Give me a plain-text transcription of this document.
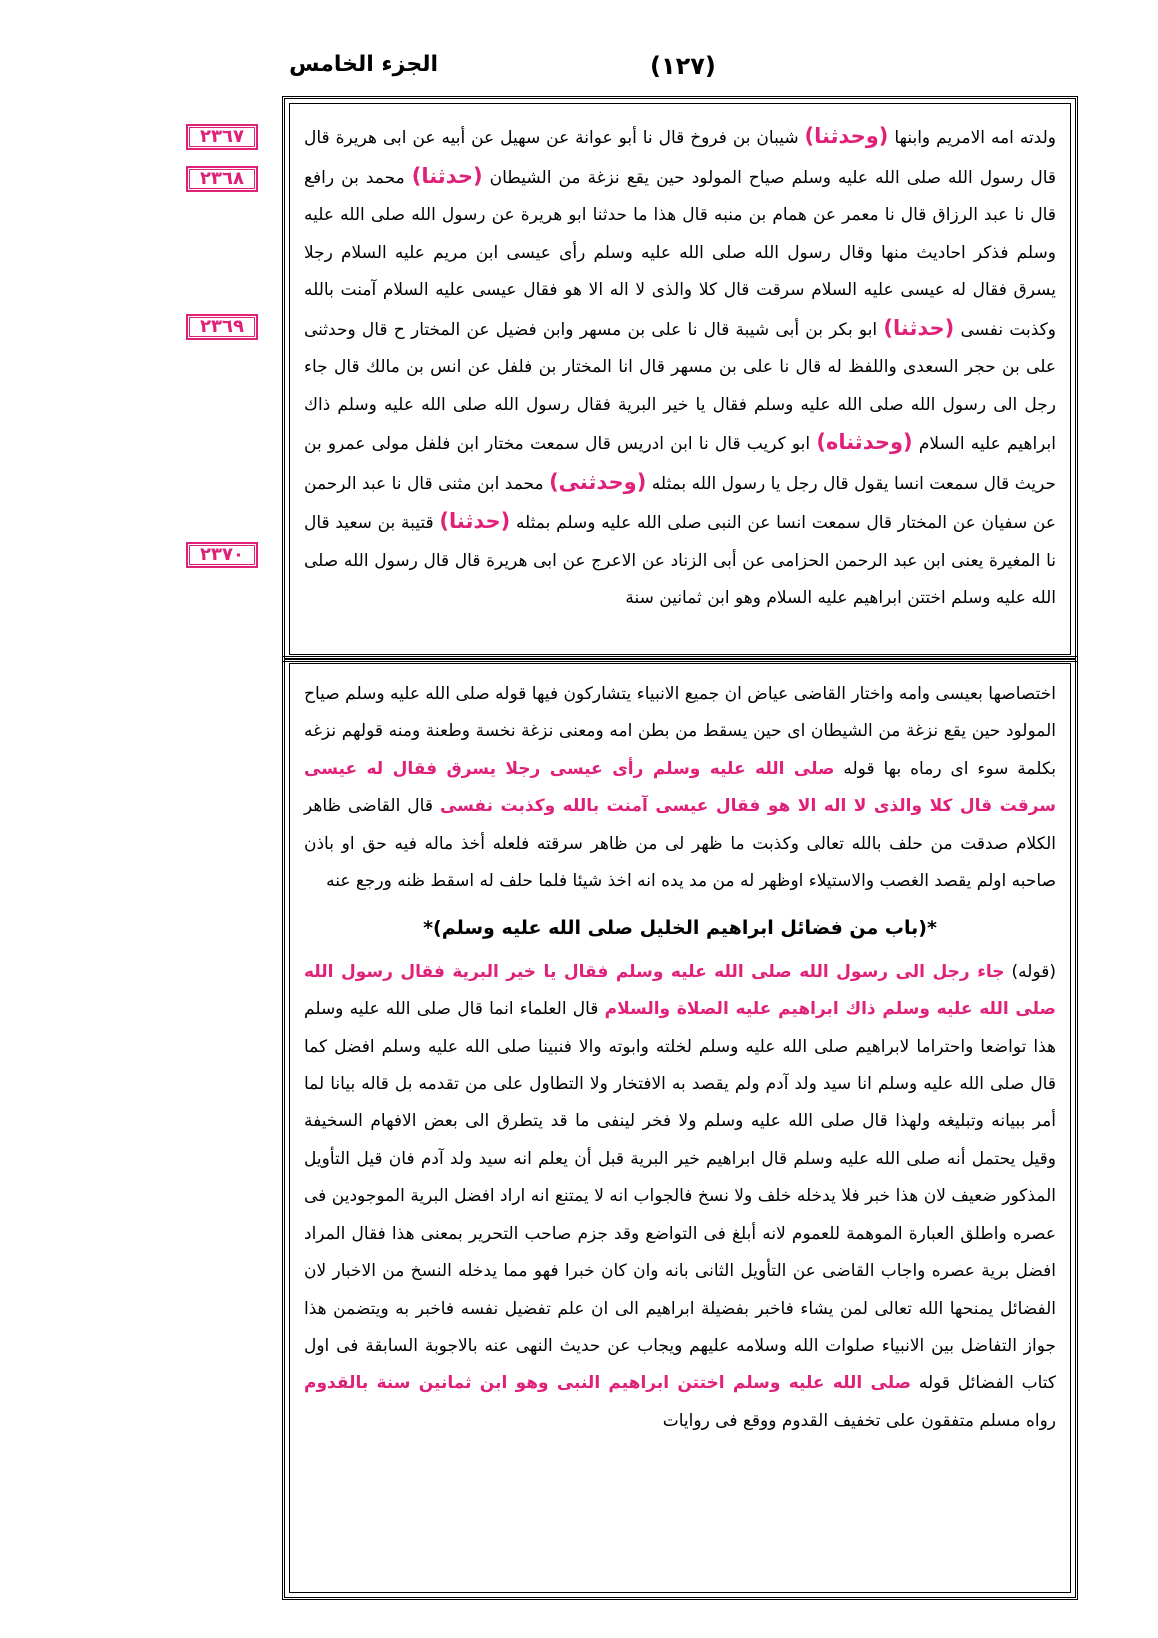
الجزء الخامس	(١٢٧)
٢٣٦٧
٢٣٦٨
٢٣٦٩
٢٣٧٠

ولدته امه الامريم وابنها (وحدثنا) شيبان بن فروخ قال نا أبو عوانة عن سهيل عن أبيه عن ابى هريرة قال قال رسول الله صلى الله عليه وسلم صياح المولود حين يقع نزغة من الشيطان (حدثنا) محمد بن رافع قال نا عبد الرزاق قال نا معمر عن همام بن منبه قال هذا ما حدثنا ابو هريرة عن رسول الله صلى الله عليه وسلم فذكر احاديث منها وقال رسول الله صلى الله عليه وسلم رأى عيسى ابن مريم عليه السلام رجلا يسرق فقال له عيسى عليه السلام سرقت قال كلا والذى لا اله الا هو فقال عيسى عليه السلام آمنت بالله وكذبت نفسى (حدثنا) ابو بكر بن أبى شيبة قال نا على بن مسهر وابن فضيل عن المختار ح قال وحدثنى على بن حجر السعدى واللفظ له قال نا على بن مسهر قال انا المختار بن فلفل عن انس بن مالك قال جاء رجل الى رسول الله صلى الله عليه وسلم فقال يا خير البرية فقال رسول الله صلى الله عليه وسلم ذاك ابراهيم عليه السلام (وحدثناه) ابو كريب قال نا ابن ادريس قال سمعت مختار ابن فلفل مولى عمرو بن حريث قال سمعت انسا يقول قال رجل يا رسول الله بمثله (وحدثنى) محمد ابن مثنى قال نا عبد الرحمن عن سفيان عن المختار قال سمعت انسا عن النبى صلى الله عليه وسلم بمثله (حدثنا) قتيبة بن سعيد قال نا المغيرة يعنى ابن عبد الرحمن الحزامى عن أبى الزناد عن الاعرج عن ابى هريرة قال قال رسول الله صلى الله عليه وسلم اختتن ابراهيم عليه السلام وهو ابن ثمانين سنة

اختصاصها بعيسى وامه واختار القاضى عياض ان جميع الانبياء يتشاركون فيها قوله صلى الله عليه وسلم صياح المولود حين يقع نزغة من الشيطان اى حين يسقط من بطن امه ومعنى نزغة نخسة وطعنة ومنه قولهم نزغه بكلمة سوء اى رماه بها قوله صلى الله عليه وسلم رأى عيسى رجلا يسرق فقال له عيسى سرقت قال كلا والذى لا اله الا هو فقال عيسى آمنت بالله وكذبت نفسى قال القاضى ظاهر الكلام صدقت من حلف بالله تعالى وكذبت ما ظهر لى من ظاهر سرقته فلعله أخذ ماله فيه حق او باذن صاحبه اولم يقصد الغصب والاستيلاء اوظهر له من مد يده انه اخذ شيئا فلما حلف له اسقط ظنه ورجع عنه

*(باب من فضائل ابراهيم الخليل صلى الله عليه وسلم)*

(قوله) جاء رجل الى رسول الله صلى الله عليه وسلم فقال يا خير البرية فقال رسول الله صلى الله عليه وسلم ذاك ابراهيم عليه الصلاة والسلام قال العلماء انما قال صلى الله عليه وسلم هذا تواضعا واحتراما لابراهيم صلى الله عليه وسلم لخلته وابوته والا فنبينا صلى الله عليه وسلم افضل كما قال صلى الله عليه وسلم انا سيد ولد آدم ولم يقصد به الافتخار ولا التطاول على من تقدمه بل قاله بيانا لما أمر ببيانه وتبليغه ولهذا قال صلى الله عليه وسلم ولا فخر لينفى ما قد يتطرق الى بعض الافهام السخيفة وقيل يحتمل أنه صلى الله عليه وسلم قال ابراهيم خير البرية قبل أن يعلم انه سيد ولد آدم فان قيل التأويل المذكور ضعيف لان هذا خبر فلا يدخله خلف ولا نسخ فالجواب انه لا يمتنع انه اراد افضل البرية الموجودين فى عصره واطلق العبارة الموهمة للعموم لانه أبلغ فى التواضع وقد جزم صاحب التحرير بمعنى هذا فقال المراد افضل برية عصره واجاب القاضى عن التأويل الثانى بانه وان كان خبرا فهو مما يدخله النسخ من الاخبار لان الفضائل يمنحها الله تعالى لمن يشاء فاخبر بفضيلة ابراهيم الى ان علم تفضيل نفسه فاخبر به ويتضمن هذا جواز التفاضل بين الانبياء صلوات الله وسلامه عليهم ويجاب عن حديث النهى عنه بالاجوبة السابقة فى اول كتاب الفضائل قوله صلى الله عليه وسلم اختتن ابراهيم النبى وهو ابن ثمانين سنة بالقدوم رواه مسلم متفقون على تخفيف القدوم ووقع فى روايات
